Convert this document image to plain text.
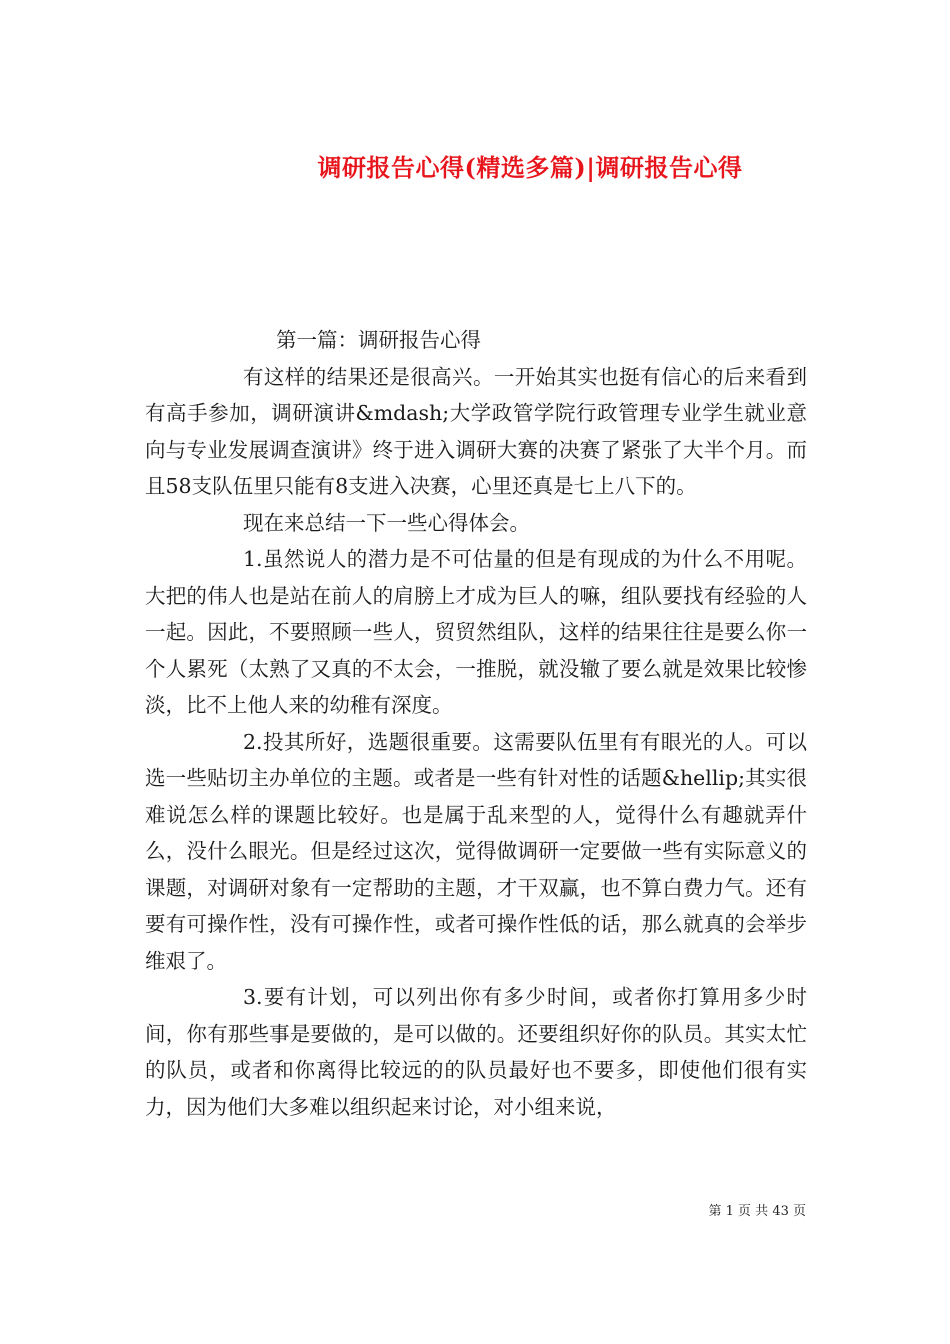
调研报告心得(精选多篇)|调研报告心得

第一篇：调研报告心得

有这样的结果还是很高兴。一开始其实也挺有信心的后来看到有高手参加，调研演讲&mdash;大学政管学院行政管理专业学生就业意向与专业发展调查演讲》终于进入调研大赛的决赛了紧张了大半个月。而且58支队伍里只能有8支进入决赛，心里还真是七上八下的。

现在来总结一下一些心得体会。

1.虽然说人的潜力是不可估量的但是有现成的为什么不用呢。大把的伟人也是站在前人的肩膀上才成为巨人的嘛，组队要找有经验的人一起。因此，不要照顾一些人，贸贸然组队，这样的结果往往是要么你一个人累死（太熟了又真的不太会，一推脱，就没辙了要么就是效果比较惨淡，比不上他人来的幼稚有深度。

2.投其所好，选题很重要。这需要队伍里有有眼光的人。可以选一些贴切主办单位的主题。或者是一些有针对性的话题&hellip;其实很难说怎么样的课题比较好。也是属于乱来型的人，觉得什么有趣就弄什么，没什么眼光。但是经过这次，觉得做调研一定要做一些有实际意义的课题，对调研对象有一定帮助的主题，才干双赢，也不算白费力气。还有要有可操作性，没有可操作性，或者可操作性低的话，那么就真的会举步维艰了。

3.要有计划，可以列出你有多少时间，或者你打算用多少时间，你有那些事是要做的，是可以做的。还要组织好你的队员。其实太忙的队员，或者和你离得比较远的的队员最好也不要多，即使他们很有实力，因为他们大多难以组织起来讨论，对小组来说，

第 1 页 共 43 页
